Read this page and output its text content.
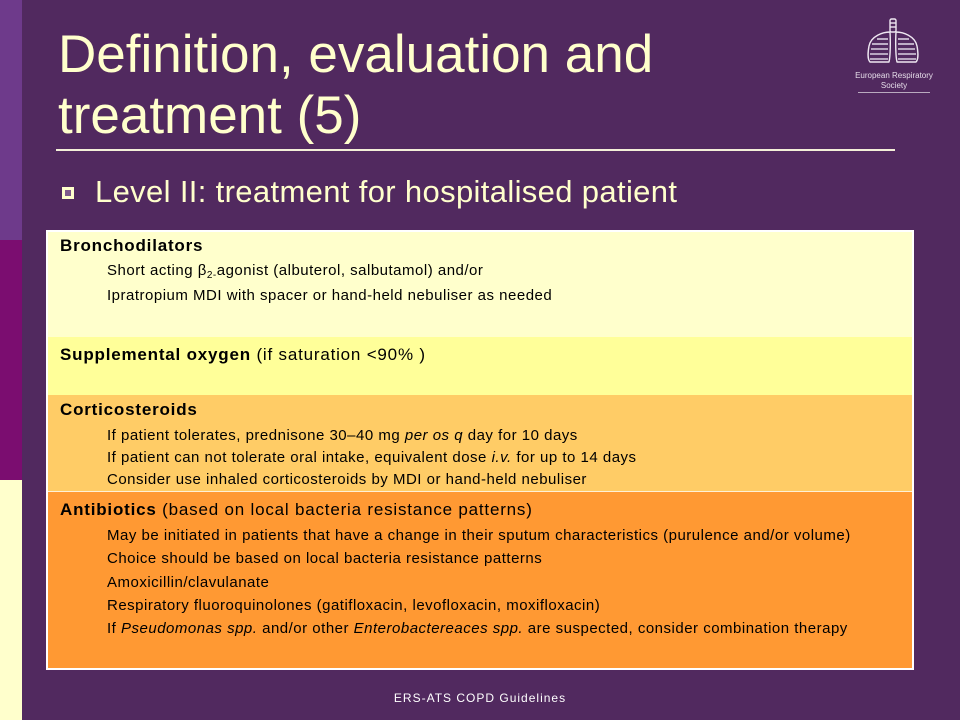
Definition, evaluation and treatment (5)
European Respiratory
Society
Level II: treatment for hospitalised patient
Bronchodilators
Short acting $\beta_{2-}agonist$ (albuterol, salbutamol) and/or
Ipratropium MDI with spacer or hand-held nebuliser as needed
Supplemental oxygen (if saturation <90% )
Corticosteroids
If patient tolerates, prednisone 30–40 mg per os q day for 10 days
If patient can not tolerate oral intake, equivalent dose i.v. for up to 14 days
Consider use inhaled corticosteroids by MDI or hand-held nebuliser
Antibiotics (based on local bacteria resistance patterns)
May be initiated in patients that have a change in their sputum characteristics (purulence and/or volume)
Choice should be based on local bacteria resistance patterns
Amoxicillin/clavulanate
Respiratory fluoroquinolones (gatifloxacin, levofloxacin, moxifloxacin)
If Pseudomonas spp. and/or other Enterobactereaces spp. are suspected, consider combination therapy
ERS-ATS COPD Guidelines
